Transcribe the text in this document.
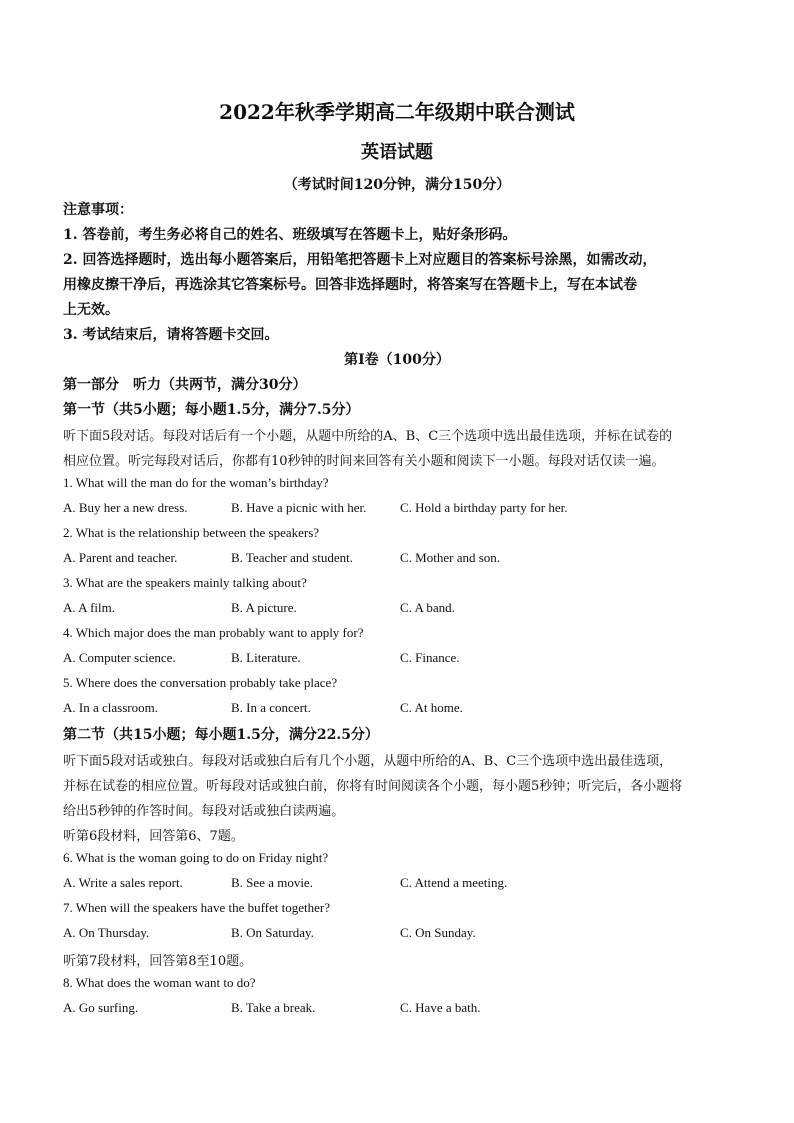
2022年秋季学期高二年级期中联合测试
英语试题
（考试时间120分钟，满分150分）
注意事项：
1. 答卷前，考生务必将自己的姓名、班级填写在答题卡上，贴好条形码。
2. 回答选择题时，选出每小题答案后，用铅笔把答题卡上对应题目的答案标号涂黑，如需改动，
用橡皮擦干净后，再选涂其它答案标号。回答非选择题时，将答案写在答题卡上，写在本试卷
上无效。
3. 考试结束后，请将答题卡交回。
第Ⅰ卷（100分）
第一部分　听力（共两节，满分30分）
第一节（共5小题；每小题1.5分，满分7.5分）
听下面5段对话。每段对话后有一个小题，从题中所给的A、B、C三个选项中选出最佳选项，并标在试卷的
相应位置。听完每段对话后，你都有10秒钟的时间来回答有关小题和阅读下一小题。每段对话仅读一遍。
1. What will the man do for the woman’s birthday?
A. Buy her a new dress.	B. Have a picnic with her.	C. Hold a birthday party for her.
2. What is the relationship between the speakers?
A. Parent and teacher.	B. Teacher and student.	C. Mother and son.
3. What are the speakers mainly talking about?
A. A film.	B. A picture.	C. A band.
4. Which major does the man probably want to apply for?
A. Computer science.	B. Literature.	C. Finance.
5. Where does the conversation probably take place?
A. In a classroom.	B. In a concert.	C. At home.
第二节（共15小题；每小题1.5分，满分22.5分）
听下面5段对话或独白。每段对话或独白后有几个小题，从题中所给的A、B、C三个选项中选出最佳选项，
并标在试卷的相应位置。听每段对话或独白前，你将有时间阅读各个小题，每小题5秒钟；听完后，各小题将
给出5秒钟的作答时间。每段对话或独白读两遍。
听第6段材料，回答第6、7题。
6. What is the woman going to do on Friday night?
A. Write a sales report.	B. See a movie.	C. Attend a meeting.
7. When will the speakers have the buffet together?
A. On Thursday.	B. On Saturday.	C. On Sunday.
听第7段材料，回答第8至10题。
8. What does the woman want to do?
A. Go surfing.	B. Take a break.	C. Have a bath.
